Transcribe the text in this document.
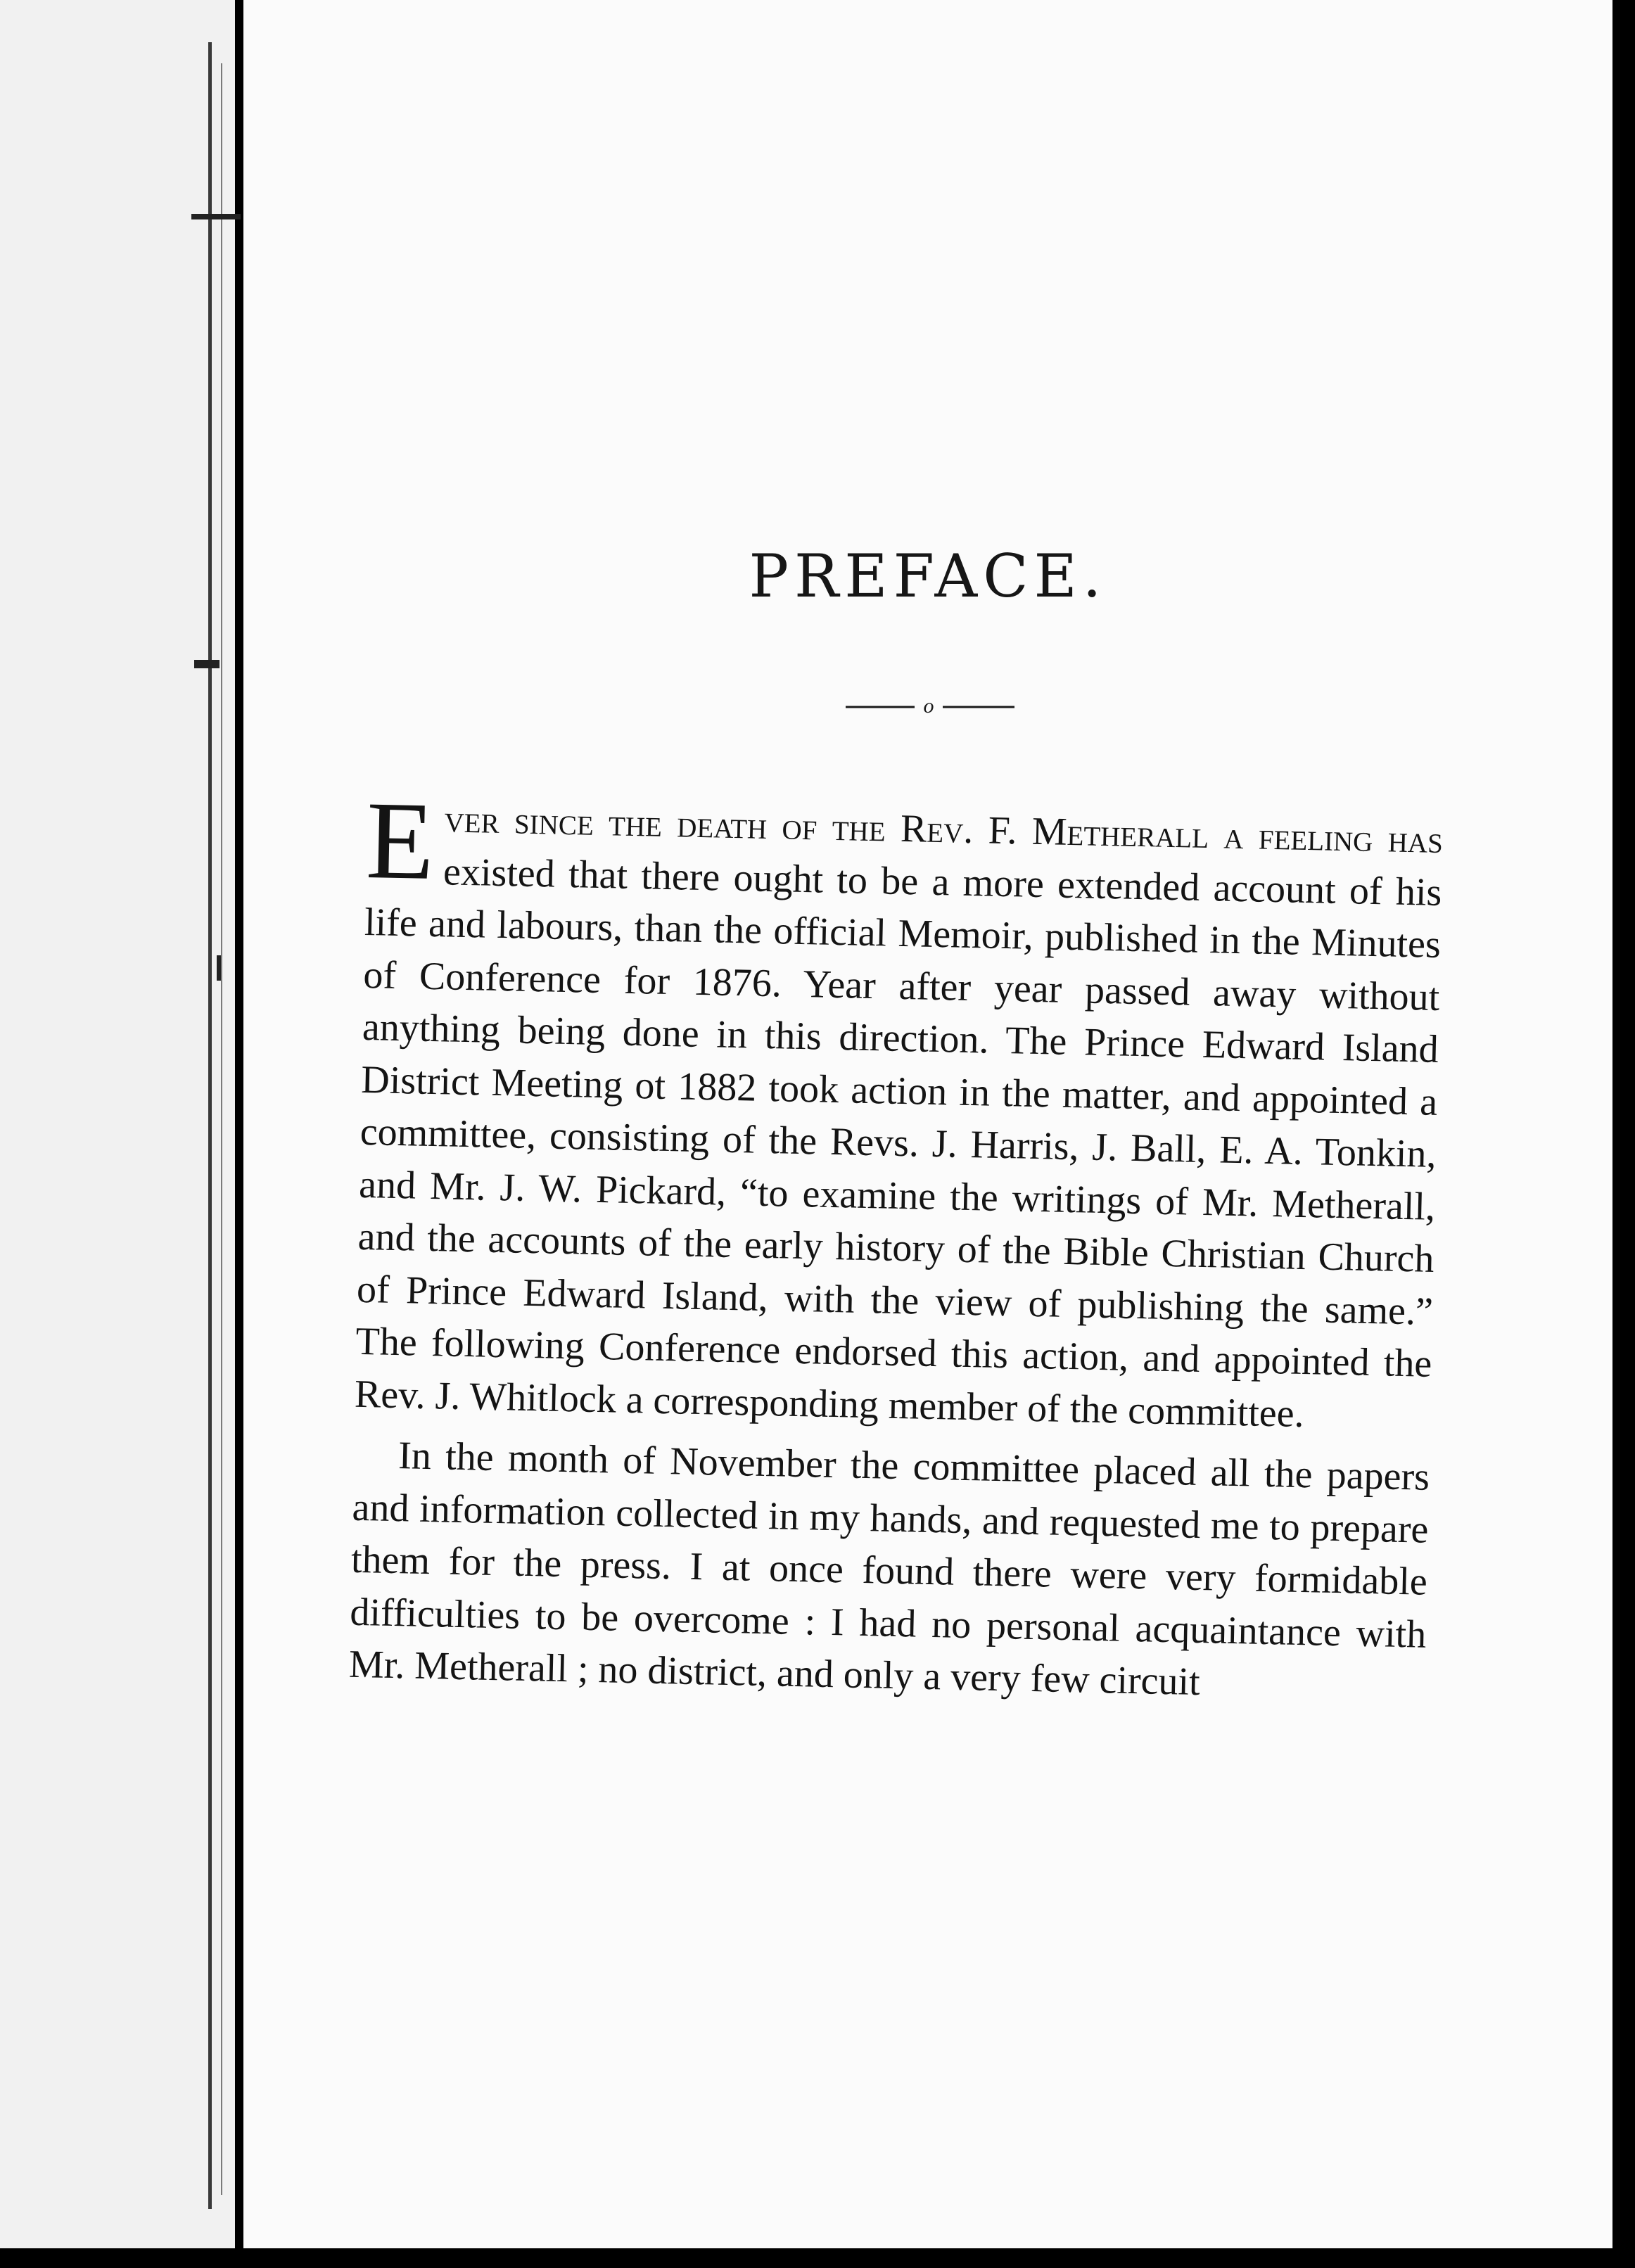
PREFACE.
o

Ever since the death of the Rev. F. Metherall a feeling has existed that there ought to be a more extended account of his life and labours, than the official Memoir, published in the Minutes of Conference for 1876. Year after year passed away without anything being done in this direction. The Prince Edward Island District Meeting ot 1882 took action in the matter, and appointed a committee, consisting of the Revs. J. Harris, J. Ball, E. A. Tonkin, and Mr. J. W. Pickard, “to examine the writings of Mr. Metherall, and the accounts of the early history of the Bible Christian Church of Prince Edward Island, with the view of publishing the same.” The following Conference endorsed this action, and appointed the Rev. J. Whitlock a corresponding member of the committee.

In the month of November the committee placed all the papers and information collected in my hands, and requested me to prepare them for the press. I at once found there were very formidable difficulties to be overcome : I had no personal acquaintance with Mr. Metherall ; no district, and only a very few circuit
